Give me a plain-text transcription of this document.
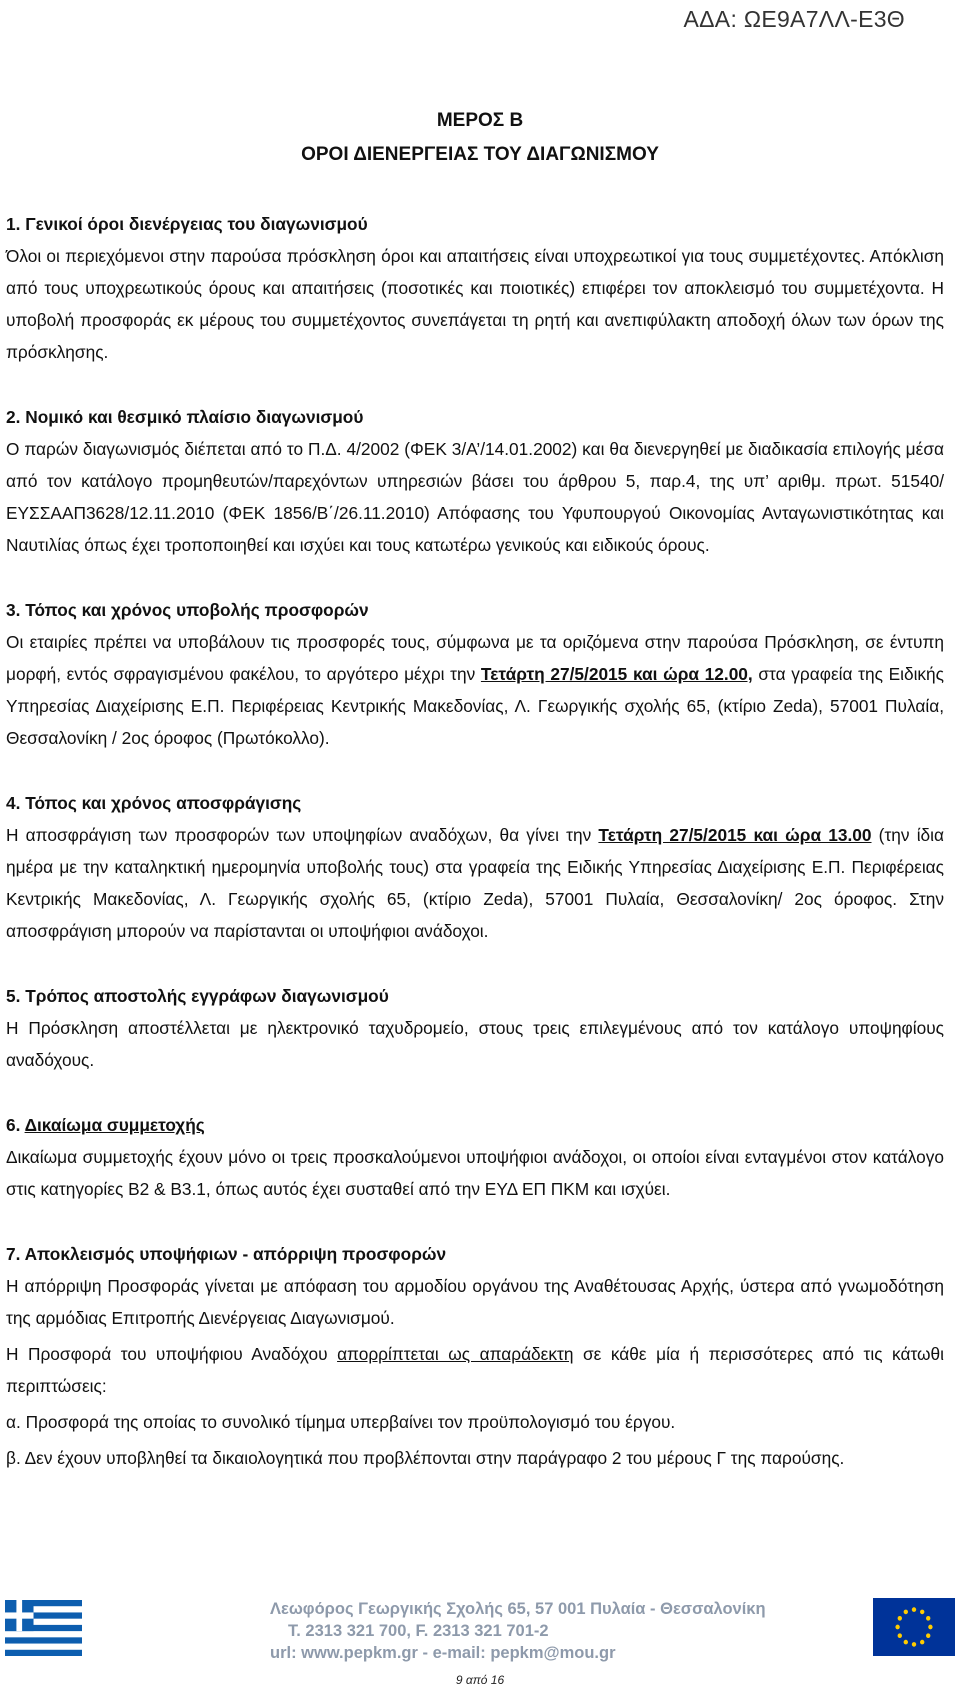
ΑΔΑ: ΩΕ9Α7ΛΛ-Ε3Θ
ΜΕΡΟΣ Β
ΟΡΟΙ ΔΙΕΝΕΡΓΕΙΑΣ ΤΟΥ ΔΙΑΓΩΝΙΣΜΟΥ
1. Γενικοί όροι διενέργειας του διαγωνισμού

Όλοι οι περιεχόμενοι στην παρούσα πρόσκληση όροι και απαιτήσεις είναι υποχρεωτικοί για τους συμμετέχοντες. Απόκλιση από τους υποχρεωτικούς όρους και απαιτήσεις (ποσοτικές και ποιοτικές) επιφέρει τον αποκλεισμό του συμμετέχοντα. Η υποβολή προσφοράς εκ μέρους του συμμετέχοντος συνεπάγεται τη ρητή και ανεπιφύλακτη αποδοχή όλων των όρων της πρόσκλησης.

2. Νομικό και θεσμικό πλαίσιο διαγωνισμού

Ο παρών διαγωνισμός διέπεται από το Π.Δ. 4/2002 (ΦΕΚ 3/Α’/14.01.2002) και θα διενεργηθεί με διαδικασία επιλογής μέσα από τον κατάλογο προμηθευτών/παρεχόντων υπηρεσιών βάσει του άρθρου 5, παρ.4, της υπ’ αριθμ. πρωτ. 51540/ΕΥΣΣΑΑΠ3628/12.11.2010 (ΦΕΚ 1856/Β΄/26.11.2010) Απόφασης του Υφυπουργού Οικονομίας Ανταγωνιστικότητας και Ναυτιλίας όπως έχει τροποποιηθεί και ισχύει και τους κατωτέρω γενικούς και ειδικούς όρους.

3. Τόπος και χρόνος υποβολής προσφορών

Οι εταιρίες πρέπει να υποβάλουν τις προσφορές τους, σύμφωνα με τα οριζόμενα στην παρούσα Πρόσκληση, σε έντυπη μορφή, εντός σφραγισμένου φακέλου, το αργότερο μέχρι την Τετάρτη 27/5/2015 και ώρα 12.00, στα γραφεία της Ειδικής Υπηρεσίας Διαχείρισης Ε.Π. Περιφέρειας Κεντρικής Μακεδονίας, Λ. Γεωργικής σχολής 65, (κτίριο Zeda), 57001 Πυλαία, Θεσσαλονίκη / 2ος όροφος (Πρωτόκολλο).

4. Τόπος και χρόνος αποσφράγισης

Η αποσφράγιση των προσφορών των υποψηφίων αναδόχων, θα γίνει την Τετάρτη 27/5/2015 και ώρα 13.00 (την ίδια ημέρα με την καταληκτική ημερομηνία υποβολής τους) στα γραφεία της Ειδικής Υπηρεσίας Διαχείρισης Ε.Π. Περιφέρειας Κεντρικής Μακεδονίας, Λ. Γεωργικής σχολής 65, (κτίριο Zeda), 57001 Πυλαία, Θεσσαλονίκη/ 2ος όροφος. Στην αποσφράγιση μπορούν να παρίστανται οι υποψήφιοι ανάδοχοι.

5. Τρόπος αποστολής εγγράφων διαγωνισμού

Η Πρόσκληση αποστέλλεται με ηλεκτρονικό ταχυδρομείο, στους τρεις επιλεγμένους από τον κατάλογο υποψηφίους αναδόχους.

6. Δικαίωμα συμμετοχής

Δικαίωμα συμμετοχής έχουν μόνο οι τρεις προσκαλούμενοι υποψήφιοι ανάδοχοι, οι οποίοι είναι ενταγμένοι στον κατάλογο στις κατηγορίες Β2 & Β3.1, όπως αυτός έχει συσταθεί από την ΕΥΔ ΕΠ ΠΚΜ και ισχύει.

7. Αποκλεισμός υποψήφιων - απόρριψη προσφορών

Η απόρριψη Προσφοράς γίνεται με απόφαση του αρμοδίου οργάνου της Αναθέτουσας Αρχής, ύστερα από γνωμοδότηση της αρμόδιας Επιτροπής Διενέργειας Διαγωνισμού.

Η Προσφορά του υποψήφιου Αναδόχου απορρίπτεται ως απαράδεκτη σε κάθε μία ή περισσότερες από τις κάτωθι περιπτώσεις:

α. Προσφορά της οποίας το συνολικό τίμημα υπερβαίνει τον προϋπολογισμό του έργου.

β. Δεν έχουν υποβληθεί τα δικαιολογητικά που προβλέπονται στην παράγραφο 2 του μέρους Γ της παρούσης.

Λεωφόρος Γεωργικής Σχολής 65, 57 001 Πυλαία - Θεσσαλονίκη
Τ. 2313 321 700, F. 2313 321 701-2
url: www.pepkm.gr - e-mail: pepkm@mou.gr
9 από 16
